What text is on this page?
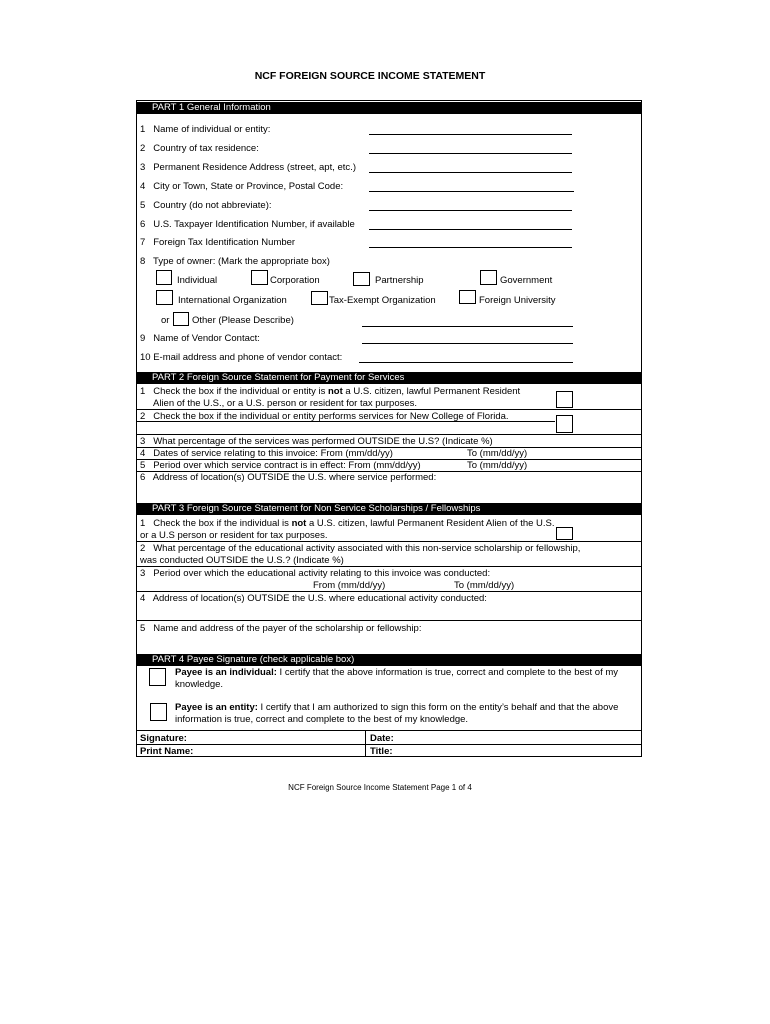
NCF FOREIGN SOURCE INCOME STATEMENT
PART 1 General Information
1 Name of individual or entity:
2 Country of tax residence:
3 Permanent Residence Address (street, apt, etc.)
4 City or Town, State or Province, Postal Code:
5 Country (do not abbreviate):
6 U.S. Taxpayer Identification Number, if available
7 Foreign Tax Identification Number
8 Type of owner: (Mark the appropriate box)
Individual	Corporation	Partnership	Government
International Organization	Tax-Exempt Organization	Foreign University
or Other (Please Describe)
9 Name of Vendor Contact:
10 E-mail address and phone of vendor contact:
PART 2 Foreign Source Statement for Payment for Services
1   Check the box if the individual or entity is not a U.S. citizen, lawful Permanent Resident
Alien of the U.S., or a U.S. person or resident for tax purposes.
2   Check the box if the individual or entity performs services for New College of Florida.
3   What percentage of the services was performed OUTSIDE the U.S? (Indicate %)
4   Dates of service relating to this invoice: From (mm/dd/yy)	To (mm/dd/yy)
5   Period over which service contract is in effect: From (mm/dd/yy)	To (mm/dd/yy)
6   Address of location(s) OUTSIDE the U.S. where service performed:
PART 3 Foreign Source Statement for Non Service Scholarships / Fellowships
1   Check the box if the individual is not a U.S. citizen, lawful Permanent Resident Alien of the U.S.
or a U.S person or resident for tax purposes.
2   What percentage of the educational activity associated with this non-service scholarship or fellowship,
was conducted OUTSIDE the U.S.? (Indicate %)
3   Period over which the educational activity relating to this invoice was conducted:
From (mm/dd/yy)	To (mm/dd/yy)
4   Address of location(s) OUTSIDE the U.S. where educational activity conducted:
5   Name and address of the payer of the scholarship or fellowship:
PART 4 Payee Signature (check applicable box)
Payee is an individual: I certify that the above information is true, correct and complete to the best of my
knowledge.
Payee is an entity: I certify that I am authorized to sign this form on the entity’s behalf and that the above
information is true, correct and complete to the best of my knowledge.
Signature:	Date:
Print Name:	Title:
NCF Foreign Source Income Statement Page 1 of 4
